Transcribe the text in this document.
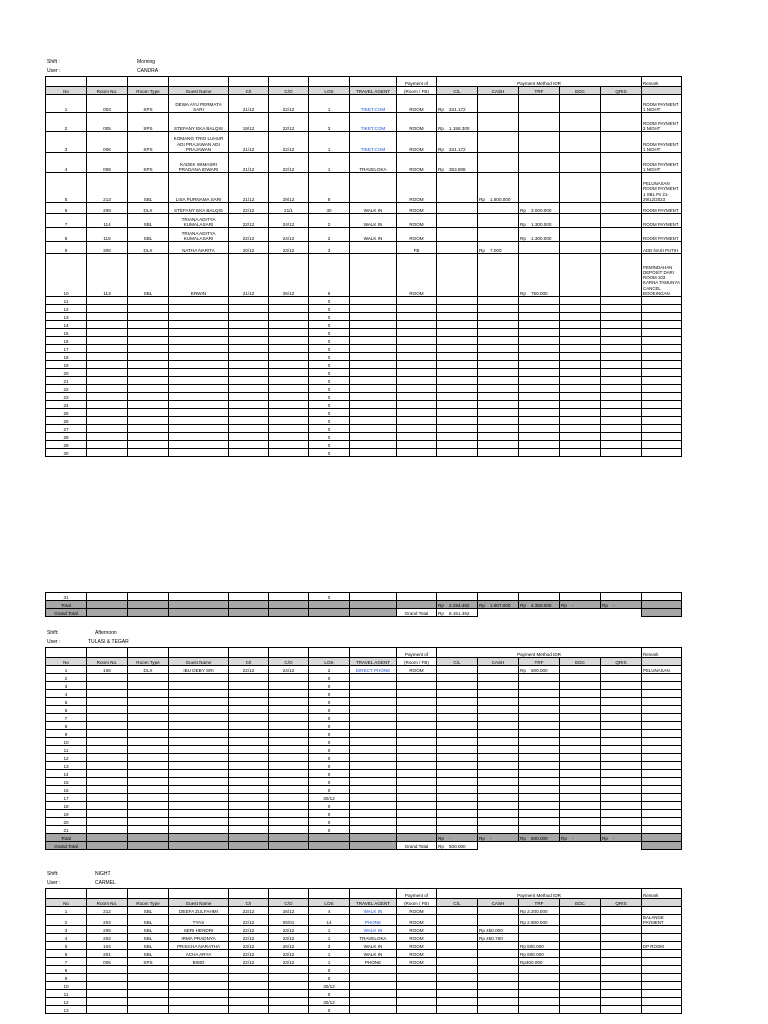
Shift :	Morning
User :	CANDRA
								Payment of	Payment Method IDR					Remark
No	Room No.	Room Type	Guest Name	C/I	C/O	LOS	TRAVEL AGENT	(Room / FB)	C/L	CASH	TRF	EDC	QRIS	
1	003	SPS	DEWA AYU PERMATA SARI	21/12	22/12	1	TIKET.COM	ROOM	Rp 341.172					ROOM PAYMENT 1 NIGHT
2	005	SPS	STEFANY EKA BALQIS	19/12	22/12	3	TIKET.COM	ROOM	Rp 1.158.300					ROOM PAYMENT 3 NIGHT
3	006	SPS	KOMANG TRIO LUHUR ADI PRAJAWAN ADI PRAJAWAN	21/12	22/12	1	TIKET.COM	ROOM	Rp 341.172					ROOM PAYMENT 1 NIGHT
4	008	SPS	KADEK WIMASRI PRADANA IDWARI	21/12	22/12	1	TRAVELOKA	ROOM	Rp 353.808					ROOM PAYMENT 1 NIGHT
5	213	SBL	LISA PURNAMA SARI	21/12	29/12	8		ROOM		Rp 1.600.000				PELUNASAN ROOM PAYMENT 1 SBL Px 21-29/12/2023
6	208	DLX	STEFANY EKA BALQIS	22/12	21/1	30	WALK IN	ROOM			Rp 3.000.000			ROOM PAYMENT
7	114	SBL	TRIANA ADITYA KUMALASARI	22/12	24/12	2	WALK IN	ROOM			Rp 1.300.000			ROOM PAYMENT
8	115	SBL	TRIANA ADITYA KUMALASARI	22/12	24/12	2	WALK IN	ROOM			Rp 1.300.000			ROOM PAYMENT
9	306	DLX	NATHA NARITA	20/12	23/12	3		FB		Rp 7.000				ADD NASI PUTIH
10	113	SBL	ERWIN	21/12	26/12	5		ROOM			Rp 750.000			PEMINDAHAN DEPOSIT DARI ROOM 103 KARNA TAMUNYA CANCEL BOOKINGAN
11						0								
12						0								
13						0								
14						0								
15						0								
16						0								
17						0								
18						0								
19						0								
20						0								
21						0								
22						0								
23						0								
24						0								
25						0								
26						0								
27						0								
28						0								
29						0								
30						0								
31						0								
Total									Rp 2.194.452	Rp 1.607.000	Rp 4.350.000	Rp -	Rp -	
Grand Total								Grand Total	Rp 8.151.452					
Shift:	Afternoon
User :	TULASI & TEGAR
								Payment of	Payment Method IDR					Remark
No	Room No.	Room Type	Guest Name	C/I	C/O	LOS	TRAVEL AGENT	(Room / FB)	C/L	CASH	TRF	EDC	QRIS	
1	106	DLX	IBU DEBY SRI	22/12	24/12	2	DIRECT PHONE	ROOM			Rp 500.000			PELUNASAN
2						0								
3						0								
4						0								
5						0								
6						0								
7						0								
8						0								
9						0								
10						0								
11						0								
12						0								
13						0								
14						0								
15						0								
16						0								
17						30/12								
18						0								
19						0								
20						0								
21						0								
Total									Rp -	Rp -	Rp 500.000	Rp -	Rp -	
Grand Total								Grand Total	Rp 500.000					
Shift:	NIGHT
User :	CARMEL
								Payment of	Payment Method IDR					Remark
No	Room No.	Room Type	Guest Name	C/I	C/O	LOS	TRAVEL AGENT	(Room / FB)	C/L	CASH	TRF	EDC	QRIS	
1	212	SBL	DEEFA ZULFAHMI	22/12	26/12	4	WALK IN	ROOM			Rp 2.200.000			
2	204	SBL	TYAS	22/12	05/01	14	PHONE	ROOM			Rp 2.800.000			BALANGE PAYMENT
3	205	SBL	SERI HENDRI	22/12	23/12	1	WALK IN	ROOM		Rp 450.000				
4	202	SBL	IRMA PRADNYA	22/12	23/12	1	TRAVELOKA	ROOM		Rp 450.760				
5	104	SBL	PRISCHA NARATHA	23/12	26/12	3	WALK IN	ROOM			Rp 500.000			DP ROOM
6	201	SBL	ACHA ARYA	22/12	23/12	1	WALK IN	ROOM			Rp 600.000			
7	005	SPS	BIMO	22/12	23/12	1	PHONE	ROOM			Rp400.000			
8						0								
9						0								
10						30/12								
11						0								
12						30/12								
13						0								
